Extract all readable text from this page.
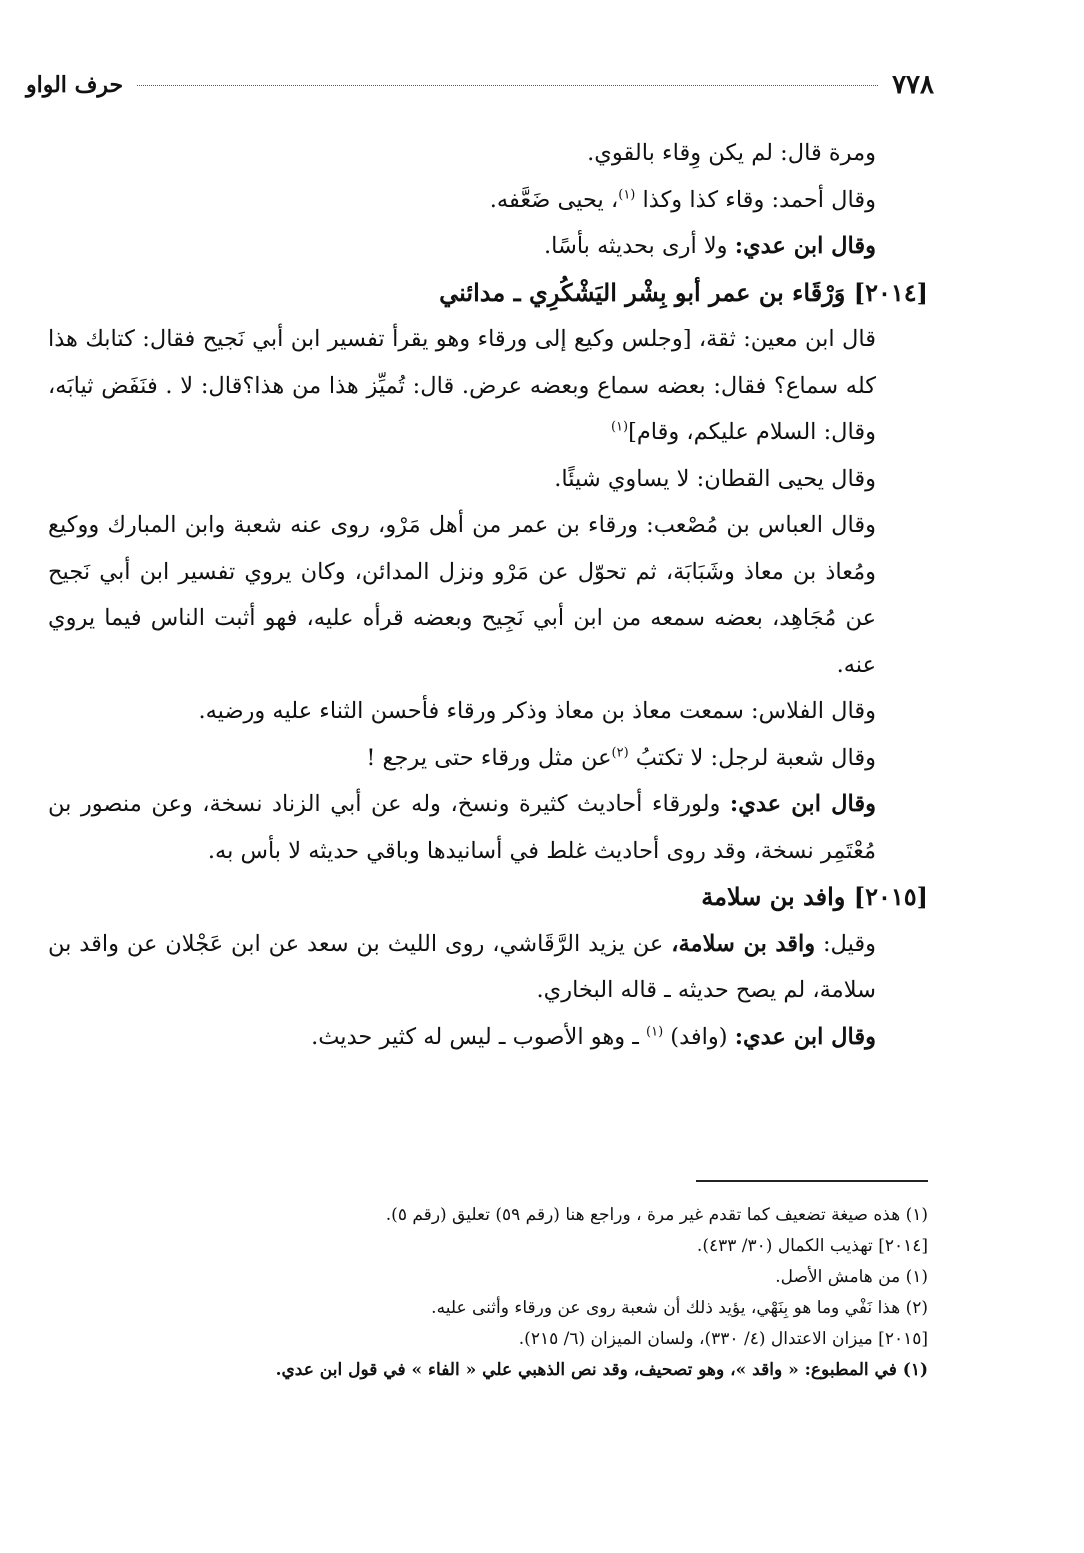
٧٧٨
حرف الواو

ومرة قال: لم يكن وِقاء بالقوي.

وقال أحمد: وقاء كذا وكذا $^{(١)}$، يحيى ضَعَّفه.

وقال ابن عدي: ولا أرى بحديثه بأسًا.

[٢٠١٤] وَرْقَاء بن عمر أبو بِشْر اليَشْكُرِي ـ مدائني

قال ابن معين: ثقة، [وجلس وكيع إلى ورقاء وهو يقرأ تفسير ابن أبي نَجيح فقال: كتابك هذا كله سماع؟ فقال: بعضه سماع وبعضه عرض. قال: تُميِّز هذا من هذا؟قال: لا . فنَفَض ثيابَه، وقال: السلام عليكم، وقام]$^{(١)}$

وقال يحيى القطان: لا يساوي شيئًا.

وقال العباس بن مُصْعب: ورقاء بن عمر من أهل مَرْو، روى عنه شعبة وابن المبارك ووكيع ومُعاذ بن معاذ وشَبَابَة، ثم تحوّل عن مَرْو ونزل المدائن، وكان يروي تفسير ابن أبي نَجيح عن مُجَاهِد، بعضه سمعه من ابن أبي نَجِيح وبعضه قرأه عليه، فهو أثبت الناس فيما يروي عنه.

وقال الفلاس: سمعت معاذ بن معاذ وذكر ورقاء فأحسن الثناء عليه ورضيه.

وقال شعبة لرجل: لا تكتبُ $^{(٢)}$عن مثل ورقاء حتى يرجع !

وقال ابن عدي: ولورقاء أحاديث كثيرة ونسخ، وله عن أبي الزناد نسخة، وعن منصور بن مُعْتَمِر نسخة، وقد روى أحاديث غلط في أسانيدها وباقي حديثه لا بأس به.

[٢٠١٥] وافد بن سلامة

وقيل: واقد بن سلامة، عن يزيد الرَّقَاشي، روى الليث بن سعد عن ابن عَجْلان عن واقد بن سلامة، لم يصح حديثه ـ قاله البخاري.

وقال ابن عدي: (وافد) $^{(١)}$ ـ وهو الأصوب ـ ليس له كثير حديث.

(١) هذه صيغة تضعيف كما تقدم غير مرة ، وراجع هنا (رقم ٥٩) تعليق (رقم ٥).

[٢٠١٤] تهذيب الكمال (٣٠/ ٤٣٣).

(١) من هامش الأصل.

(٢) هذا نَفْي وما هو بِنَهْي، يؤيد ذلك أن شعبة روى عن ورقاء وأثنى عليه.

[٢٠١٥] ميزان الاعتدال (٤/ ٣٣٠)، ولسان الميزان (٦/ ٢١٥).

(١) في المطبوع: « واقد »، وهو تصحيف، وقد نص الذهبي علي « الفاء » في قول ابن عدي.
